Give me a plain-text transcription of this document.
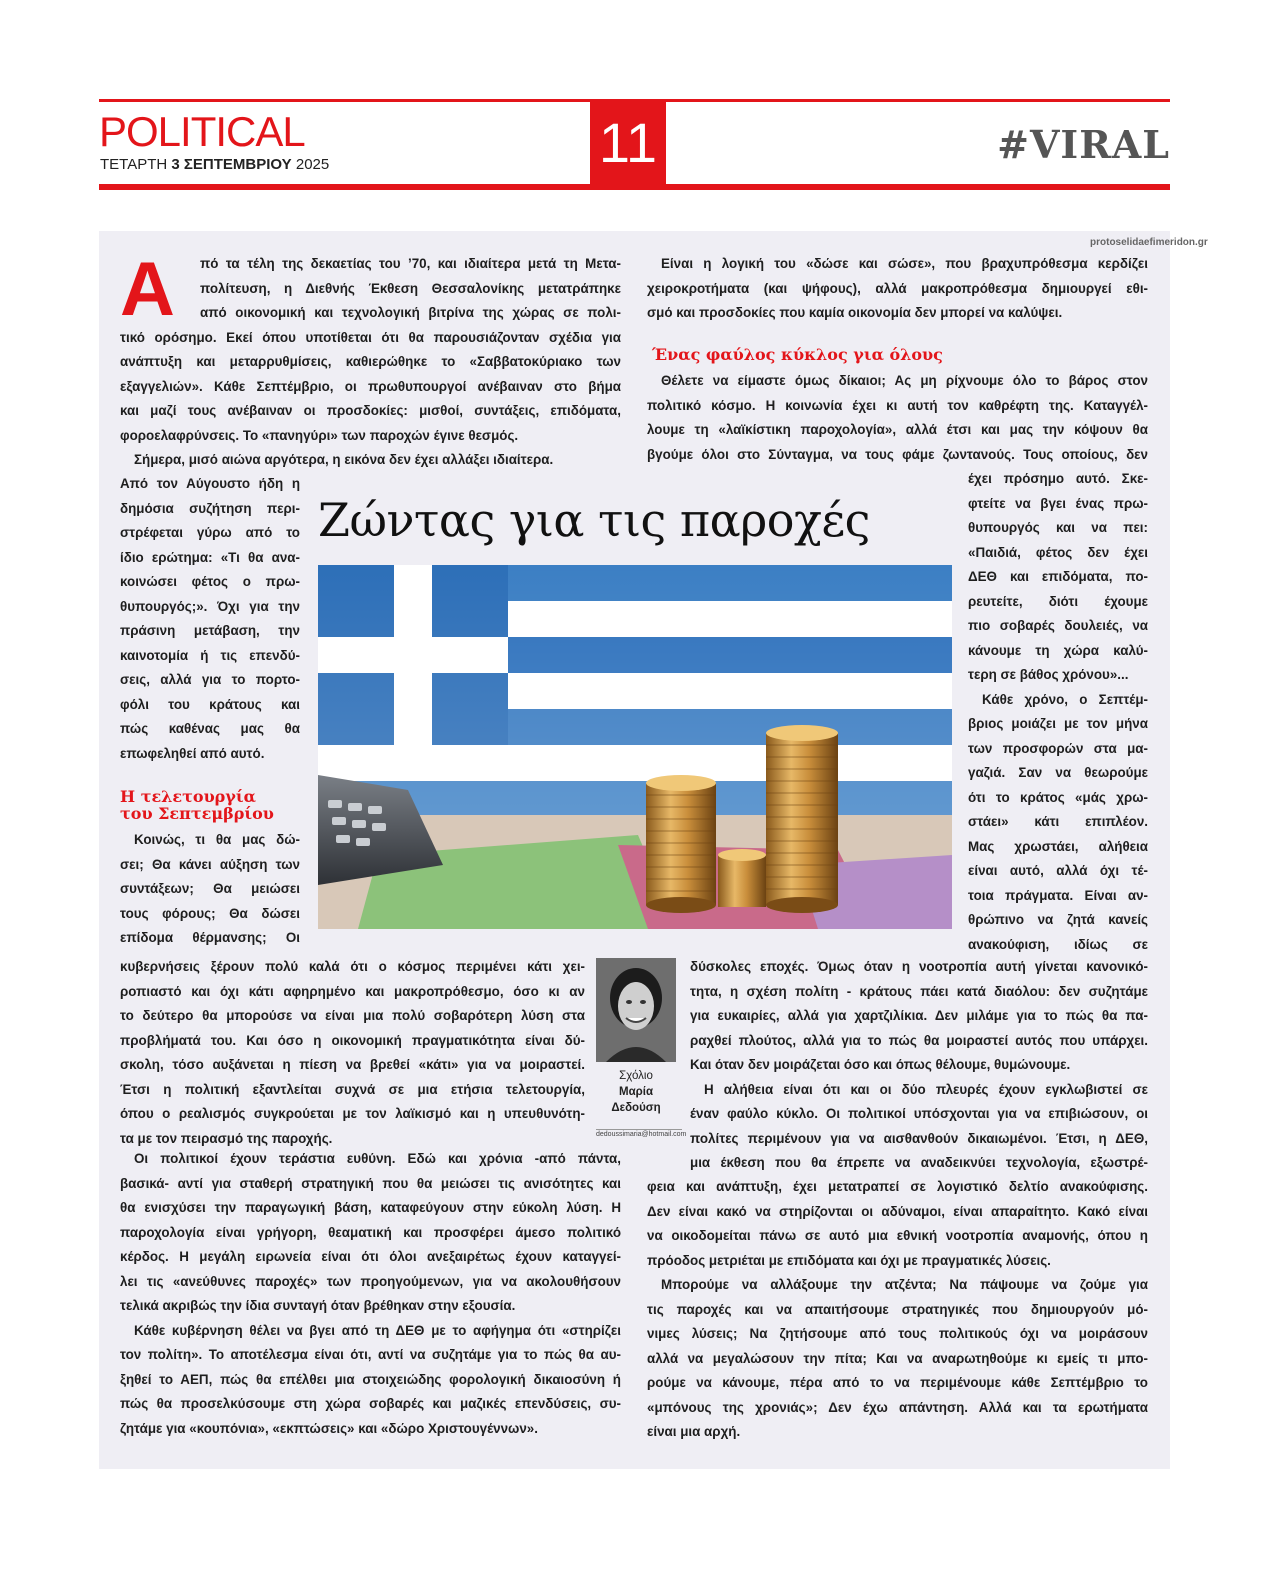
POLITICAL
ΤΕΤΑΡΤΗ 3 ΣΕΠΤΕΜΒΡΙΟΥ 2025	11	#VIRAL
protoselidaefimeridon.gr
Α	πό τα τέλη της δεκαετίας του ’70, και ιδιαίτερα μετά τη Μετα-

πολίτευση, η Διεθνής Έκθεση Θεσσαλονίκης μετατράπηκε

από οικονομική και τεχνολογική βιτρίνα της χώρας σε πολι-

τικό ορόσημο. Εκεί όπου υποτίθεται ότι θα παρουσιάζονταν σχέδια για

ανάπτυξη και μεταρρυθμίσεις, καθιερώθηκε το «Σαββατοκύριακο των

εξαγγελιών». Κάθε Σεπτέμβριο, οι πρωθυπουργοί ανέβαιναν στο βήμα

και μαζί τους ανέβαιναν οι προσδοκίες: μισθοί, συντάξεις, επιδόματα,

φοροελαφρύνσεις. Το «πανηγύρι» των παροχών έγινε θεσμός.

Σήμερα, μισό αιώνα αργότερα, η εικόνα δεν έχει αλλάξει ιδιαίτερα.

Από τον Αύγουστο ήδη η

δημόσια συζήτηση περι-

στρέφεται γύρω από το

ίδιο ερώτημα: «Τι θα ανα-

κοινώσει φέτος ο πρω-

θυπουργός;». Όχι για την

πράσινη μετάβαση, την

καινοτομία ή τις επενδύ-

σεις, αλλά για το πορτο-

φόλι του κράτους και

πώς καθένας μας θα

επωφεληθεί από αυτό.

Η τελετουργία
του Σεπτεμβρίου

Κοινώς, τι θα μας δώ-

σει; Θα κάνει αύξηση των

συντάξεων; Θα μειώσει

τους φόρους; Θα δώσει

επίδομα θέρμανσης; Οι

κυβερνήσεις ξέρουν πολύ καλά ότι ο κόσμος περιμένει κάτι χει-

ροπιαστό και όχι κάτι αφηρημένο και μακροπρόθεσμο, όσο κι αν

το δεύτερο θα μπορούσε να είναι μια πολύ σοβαρότερη λύση στα

προβλήματά του. Και όσο η οικονομική πραγματικότητα είναι δύ-

σκολη, τόσο αυξάνεται η πίεση να βρεθεί «κάτι» για να μοιραστεί.

Έτσι η πολιτική εξαντλείται συχνά σε μια ετήσια τελετουργία,

όπου ο ρεαλισμός συγκρούεται με τον λαϊκισμό και η υπευθυνότη-

τα με τον πειρασμό της παροχής.

Οι πολιτικοί έχουν τεράστια ευθύνη. Εδώ και χρόνια -από πάντα,

βασικά- αντί για σταθερή στρατηγική που θα μειώσει τις ανισότητες και

θα ενισχύσει την παραγωγική βάση, καταφεύγουν στην εύκολη λύση. Η

παροχολογία είναι γρήγορη, θεαματική και προσφέρει άμεσο πολιτικό

κέρδος. Η μεγάλη ειρωνεία είναι ότι όλοι ανεξαιρέτως έχουν καταγγεί-

λει τις «ανεύθυνες παροχές» των προηγούμενων, για να ακολουθήσουν

τελικά ακριβώς την ίδια συνταγή όταν βρέθηκαν στην εξουσία.

Κάθε κυβέρνηση θέλει να βγει από τη ΔΕΘ με το αφήγημα ότι «στηρίζει

τον πολίτη». Το αποτέλεσμα είναι ότι, αντί να συζητάμε για το πώς θα αυ-

ξηθεί το ΑΕΠ, πώς θα επέλθει μια στοιχειώδης φορολογική δικαιοσύνη ή

πώς θα προσελκύσουμε στη χώρα σοβαρές και μαζικές επενδύσεις, συ-

ζητάμε για «κουπόνια», «εκπτώσεις» και «δώρο Χριστουγέννων».

Είναι η λογική του «δώσε και σώσε», που βραχυπρόθεσμα κερδίζει

χειροκροτήματα (και ψήφους), αλλά μακροπρόθεσμα δημιουργεί εθι-

σμό και προσδοκίες που καμία οικονομία δεν μπορεί να καλύψει.

Ένας φαύλος κύκλος για όλους

Θέλετε να είμαστε όμως δίκαιοι; Ας μη ρίχνουμε όλο το βάρος στον

πολιτικό κόσμο. Η κοινωνία έχει κι αυτή τον καθρέφτη της. Καταγγέλ-

λουμε τη «λαϊκίστικη παροχολογία», αλλά έτσι και μας την κόψουν θα

βγούμε όλοι στο Σύνταγμα, να τους φάμε ζωντανούς. Τους οποίους, δεν

έχει πρόσημο αυτό. Σκε-

φτείτε να βγει ένας πρω-

θυπουργός και να πει:

«Παιδιά, φέτος δεν έχει

ΔΕΘ και επιδόματα, πο-

ρευτείτε, διότι έχουμε

πιο σοβαρές δουλειές, να

κάνουμε τη χώρα καλύ-

τερη σε βάθος χρόνου»...

Κάθε χρόνο, ο Σεπτέμ-

βριος μοιάζει με τον μήνα

των προσφορών στα μα-

γαζιά. Σαν να θεωρούμε

ότι το κράτος «μάς χρω-

στάει» κάτι επιπλέον.

Μας χρωστάει, αλήθεια

είναι αυτό, αλλά όχι τέ-

τοια πράγματα. Είναι αν-

θρώπινο να ζητά κανείς

ανακούφιση, ιδίως σε

δύσκολες εποχές. Όμως όταν η νοοτροπία αυτή γίνεται κανονικό-

τητα, η σχέση πολίτη - κράτους πάει κατά διαόλου: δεν συζητάμε

για ευκαιρίες, αλλά για χαρτζιλίκια. Δεν μιλάμε για το πώς θα πα-

ραχθεί πλούτος, αλλά για το πώς θα μοιραστεί αυτός που υπάρχει.

Και όταν δεν μοιράζεται όσο και όπως θέλουμε, θυμώνουμε.

Η αλήθεια είναι ότι και οι δύο πλευρές έχουν εγκλωβιστεί σε

έναν φαύλο κύκλο. Οι πολιτικοί υπόσχονται για να επιβιώσουν, οι

πολίτες περιμένουν για να αισθανθούν δικαιωμένοι. Έτσι, η ΔΕΘ,

μια έκθεση που θα έπρεπε να αναδεικνύει τεχνολογία, εξωστρέ-

φεια και ανάπτυξη, έχει μετατραπεί σε λογιστικό δελτίο ανακούφισης.

Δεν είναι κακό να στηρίζονται οι αδύναμοι, είναι απαραίτητο. Κακό είναι

να οικοδομείται πάνω σε αυτό μια εθνική νοοτροπία αναμονής, όπου η

πρόοδος μετριέται με επιδόματα και όχι με πραγματικές λύσεις.

Μπορούμε να αλλάξουμε την ατζέντα; Να πάψουμε να ζούμε για

τις παροχές και να απαιτήσουμε στρατηγικές που δημιουργούν μό-

νιμες λύσεις; Να ζητήσουμε από τους πολιτικούς όχι να μοιράσουν

αλλά να μεγαλώσουν την πίτα; Και να αναρωτηθούμε κι εμείς τι μπο-

ρούμε να κάνουμε, πέρα από το να περιμένουμε κάθε Σεπτέμβριο το

«μπόνους της χρονιάς»; Δεν έχω απάντηση. Αλλά και τα ερωτήματα

είναι μια αρχή.

Ζώντας για τις παροχές
Σχόλιο
Μαρία
Δεδούση
dedoussimaria@hotmail.com
